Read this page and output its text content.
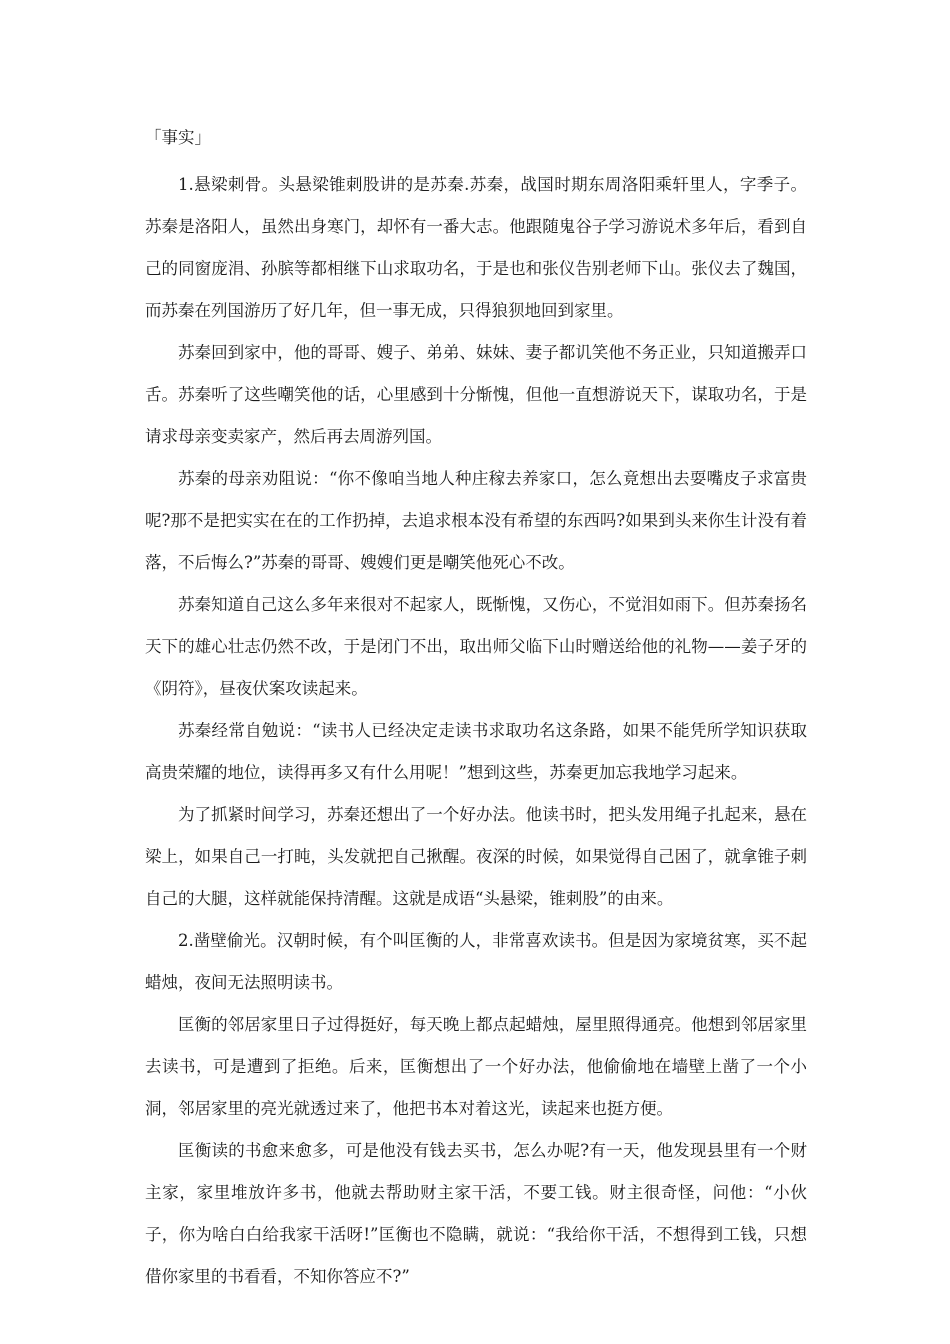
「事实」

1.悬梁刺骨。头悬梁锥刺股讲的是苏秦.苏秦，战国时期东周洛阳乘轩里人，字季子。苏秦是洛阳人，虽然出身寒门，却怀有一番大志。他跟随鬼谷子学习游说术多年后，看到自己的同窗庞涓、孙膑等都相继下山求取功名，于是也和张仪告别老师下山。张仪去了魏国，而苏秦在列国游历了好几年，但一事无成，只得狼狈地回到家里。

苏秦回到家中，他的哥哥、嫂子、弟弟、妹妹、妻子都讥笑他不务正业，只知道搬弄口舌。苏秦听了这些嘲笑他的话，心里感到十分惭愧，但他一直想游说天下，谋取功名，于是请求母亲变卖家产，然后再去周游列国。

苏秦的母亲劝阻说：“你不像咱当地人种庄稼去养家口，怎么竟想出去耍嘴皮子求富贵呢?那不是把实实在在的工作扔掉，去追求根本没有希望的东西吗?如果到头来你生计没有着落，不后悔么?”苏秦的哥哥、嫂嫂们更是嘲笑他死心不改。

苏秦知道自己这么多年来很对不起家人，既惭愧，又伤心，不觉泪如雨下。但苏秦扬名天下的雄心壮志仍然不改，于是闭门不出，取出师父临下山时赠送给他的礼物——姜子牙的《阴符》，昼夜伏案攻读起来。

苏秦经常自勉说：“读书人已经决定走读书求取功名这条路，如果不能凭所学知识获取高贵荣耀的地位，读得再多又有什么用呢！”想到这些，苏秦更加忘我地学习起来。

为了抓紧时间学习，苏秦还想出了一个好办法。他读书时，把头发用绳子扎起来，悬在梁上，如果自己一打盹，头发就把自己揪醒。夜深的时候，如果觉得自己困了，就拿锥子刺自己的大腿，这样就能保持清醒。这就是成语“头悬梁，锥刺股”的由来。

2.凿壁偷光。汉朝时候，有个叫匡衡的人，非常喜欢读书。但是因为家境贫寒，买不起蜡烛，夜间无法照明读书。

匡衡的邻居家里日子过得挺好，每天晚上都点起蜡烛，屋里照得通亮。他想到邻居家里去读书，可是遭到了拒绝。后来，匡衡想出了一个好办法，他偷偷地在墙壁上凿了一个小洞，邻居家里的亮光就透过来了，他把书本对着这光，读起来也挺方便。

匡衡读的书愈来愈多，可是他没有钱去买书，怎么办呢?有一天，他发现县里有一个财主家，家里堆放许多书，他就去帮助财主家干活，不要工钱。财主很奇怪，问他：“小伙子，你为啥白白给我家干活呀!”匡衡也不隐瞒，就说：“我给你干活，不想得到工钱，只想借你家里的书看看，不知你答应不?”
